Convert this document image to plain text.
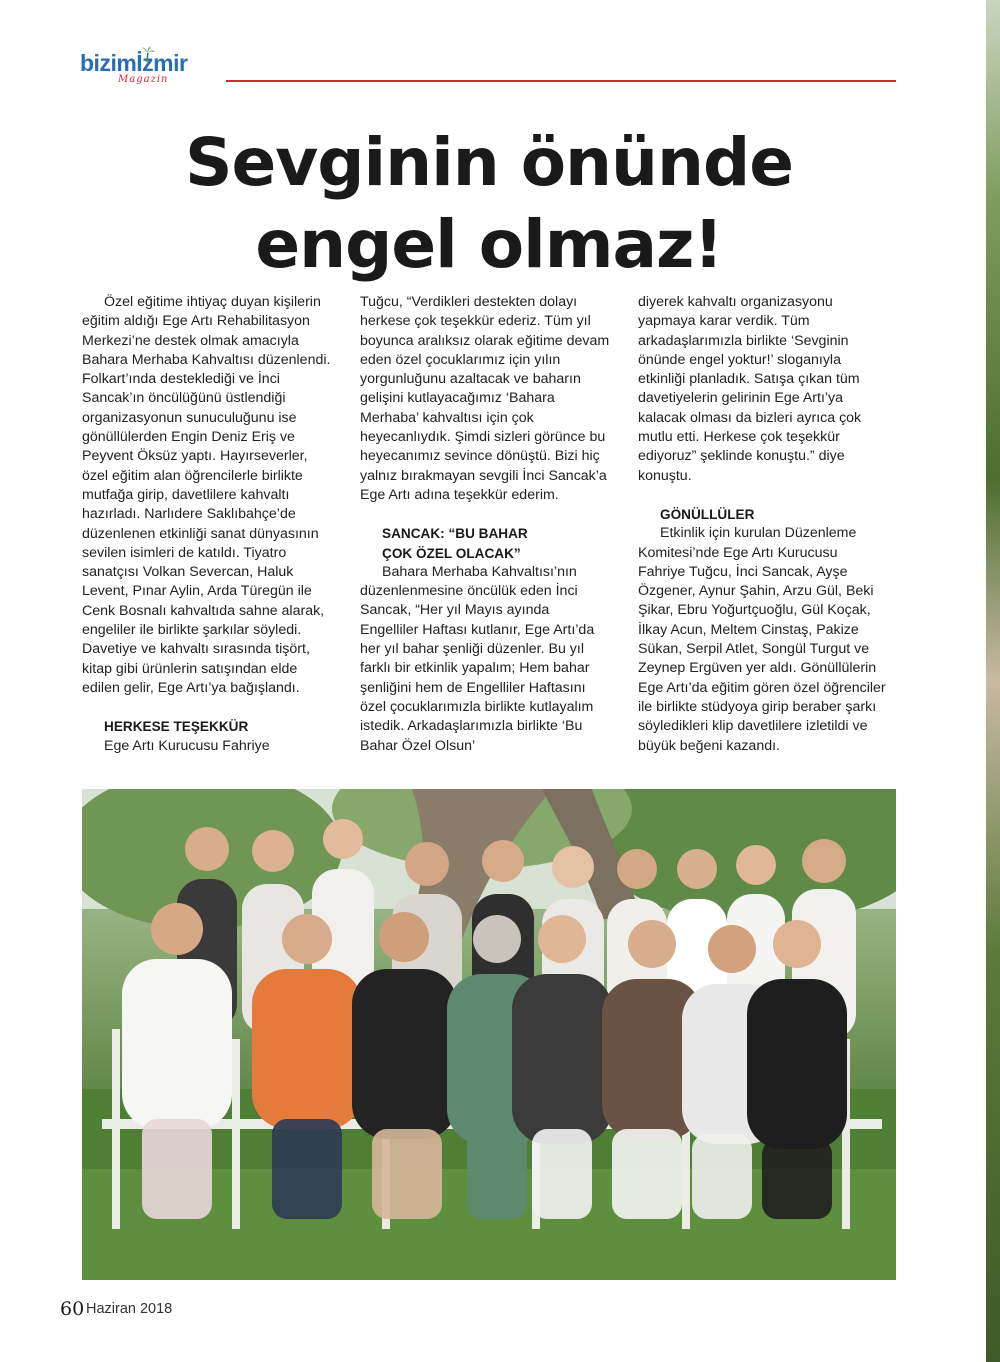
bizimİzmir
Magazin
Sevginin önünde
engel olmaz!

Özel eğitime ihtiyaç duyan kişilerin eğitim aldığı Ege Artı Rehabilitasyon Merkezi’ne destek olmak amacıyla Bahara Merhaba Kahvaltısı düzenlendi. Folkart’ında desteklediği ve İnci Sancak’ın öncülüğünü üstlendiği organizasyonun sunuculuğunu ise gönüllülerden Engin Deniz Eriş ve Peyvent Öksüz yaptı. Hayırseverler, özel eğitim alan öğrencilerle birlikte mutfağa girip, davetlilere kahvaltı hazırladı. Narlıdere Saklıbahçe’de düzenlenen etkinliği sanat dünyasının sevilen isimleri de katıldı. Tiyatro sanatçısı Volkan Severcan, Haluk Levent, Pınar Aylin, Arda Türegün ile Cenk Bosnalı kahvaltıda sahne alarak, engeliler ile birlikte şarkılar söyledi. Davetiye ve kahvaltı sırasında tişört, kitap gibi ürünlerin satışından elde edilen gelir, Ege Artı’ya bağışlandı.

HERKESE TEŞEKKÜR

Ege Artı Kurucusu Fahriye

Tuğcu, “Verdikleri destekten dolayı herkese çok teşekkür ederiz. Tüm yıl boyunca aralıksız olarak eğitime devam eden özel çocuklarımız için yılın yorgunluğunu azaltacak ve baharın gelişini kutlayacağımız ‘Bahara Merhaba’ kahvaltısı için çok heyecanlıydık. Şimdi sizleri görünce bu heyecanımız sevince dönüştü. Bizi hiç yalnız bırakmayan sevgili İnci Sancak’a Ege Artı adına teşekkür ederim.

SANCAK: “BU BAHAR
ÇOK ÖZEL OLACAK”

Bahara Merhaba Kahvaltısı’nın düzenlenmesine öncülük eden İnci Sancak, “Her yıl Mayıs ayında Engelliler Haftası kutlanır, Ege Artı’da her yıl bahar şenliği düzenler. Bu yıl farklı bir etkinlik yapalım; Hem bahar şenliğini hem de Engelliler Haftasını özel çocuklarımızla birlikte kutlayalım istedik. Arkadaşlarımızla birlikte ‘Bu Bahar Özel Olsun’

diyerek kahvaltı organizasyonu yapmaya karar verdik. Tüm arkadaşlarımızla birlikte ‘Sevginin önünde engel yoktur!’ sloganıyla etkinliği planladık. Satışa çıkan tüm davetiyelerin gelirinin Ege Artı’ya kalacak olması da bizleri ayrıca çok mutlu etti. Herkese çok teşekkür ediyoruz” şeklinde konuştu.” diye konuştu.

GÖNÜLLÜLER

Etkinlik için kurulan Düzenleme Komitesi’nde Ege Artı Kurucusu Fahriye Tuğcu, İnci Sancak, Ayşe Özgener, Aynur Şahin, Arzu Gül, Beki Şikar, Ebru Yoğurtçuoğlu, Gül Koçak, İlkay Acun, Meltem Cinstaş, Pakize Sükan, Serpil Atlet, Songül Turgut ve Zeynep Ergüven yer aldı. Gönüllülerin Ege Artı’da eğitim gören özel öğrenciler ile birlikte stüdyoya girip beraber şarkı söyledikleri klip davetlilere izletildi ve büyük beğeni kazandı.

60 Haziran 2018
